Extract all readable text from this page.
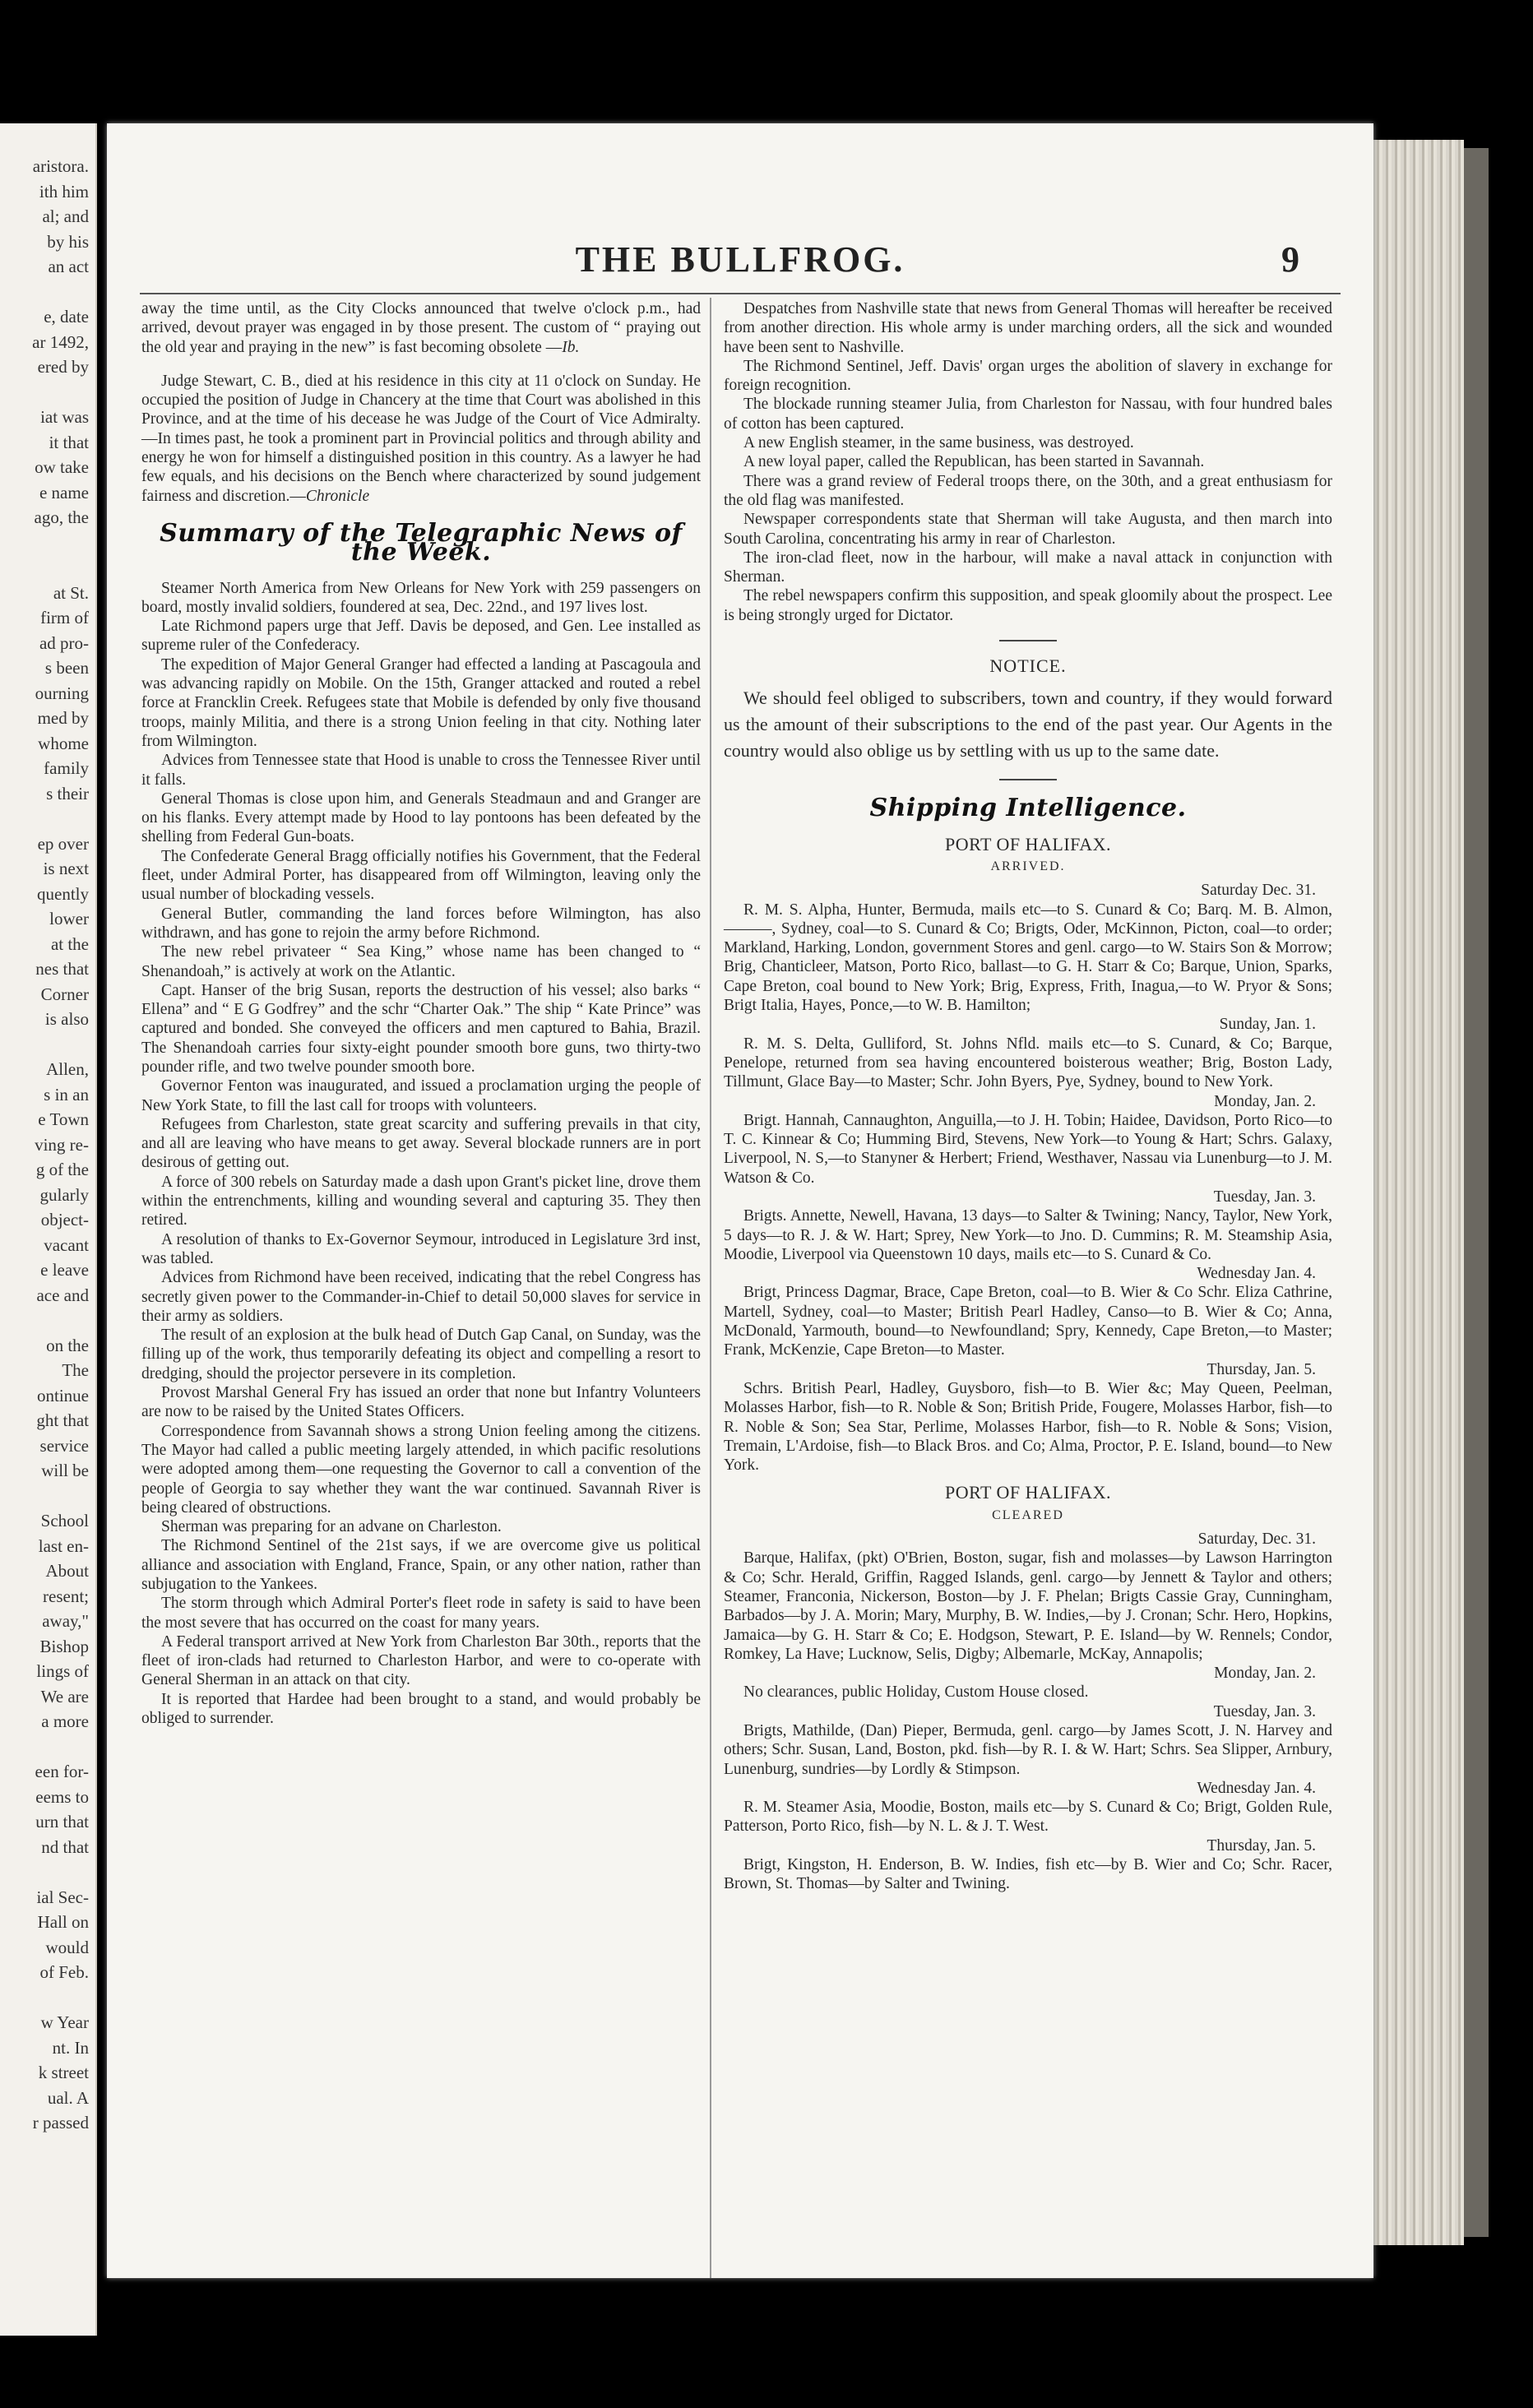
aristora.
ith him
al; and
by his
an act
e, date
ar 1492,
ered by
iat was
it that
ow take
e name
ago, the
at St.
firm of
ad pro-
s been
ourning
med by
whome
family
s their
ep over
is next
quently
lower
at the
nes that
Corner
is also
Allen,
s in an
e Town
ving re-
g of the
gularly
object-
vacant
e leave
ace and
on the
The
ontinue
ght that
service
will be
School
last en-
About
resent;
away,"
Bishop
lings of
We are
a more
een for-
eems to
urn that
nd that
ial Sec-
Hall on
would
of Feb.
w Year
nt. In
k street
ual. A
r passed
THE BULLFROG.	9

away the time until, as the City Clocks announced that twelve o'clock p.m., had arrived, devout prayer was engaged in by those present. The custom of “ praying out the old year and praying in the new” is fast becoming obsolete —Ib.

Judge Stewart, C. B., died at his residence in this city at 11 o'clock on Sunday. He occupied the position of Judge in Chancery at the time that Court was abolished in this Province, and at the time of his decease he was Judge of the Court of Vice Admiralty.—In times past, he took a prominent part in Provincial politics and through ability and energy he won for himself a distinguished position in this country. As a lawyer he had few equals, and his decisions on the Bench where characterized by sound judgement fairness and discretion.—Chronicle

Summary of the Telegraphic News of the Week.

Steamer North America from New Orleans for New York with 259 passengers on board, mostly invalid soldiers, foundered at sea, Dec. 22nd., and 197 lives lost.

Late Richmond papers urge that Jeff. Davis be deposed, and Gen. Lee installed as supreme ruler of the Confederacy.

The expedition of Major General Granger had effected a landing at Pascagoula and was advancing rapidly on Mobile. On the 15th, Granger attacked and routed a rebel force at Francklin Creek. Refugees state that Mobile is defended by only five thousand troops, mainly Militia, and there is a strong Union feeling in that city. Nothing later from Wilmington.

Advices from Tennessee state that Hood is unable to cross the Tennessee River until it falls.

General Thomas is close upon him, and Generals Steadmaun and and Granger are on his flanks. Every attempt made by Hood to lay pontoons has been defeated by the shelling from Federal Gun-boats.

The Confederate General Bragg officially notifies his Government, that the Federal fleet, under Admiral Porter, has disappeared from off Wilmington, leaving only the usual number of blockading vessels.

General Butler, commanding the land forces before Wilmington, has also withdrawn, and has gone to rejoin the army before Richmond.

The new rebel privateer “ Sea King,” whose name has been changed to “ Shenandoah,” is actively at work on the Atlantic.

Capt. Hanser of the brig Susan, reports the destruction of his vessel; also barks “ Ellena” and “ E G Godfrey” and the schr “Charter Oak.” The ship “ Kate Prince” was captured and bonded. She conveyed the officers and men captured to Bahia, Brazil. The Shenandoah carries four sixty-eight pounder smooth bore guns, two thirty-two pounder rifle, and two twelve pounder smooth bore.

Governor Fenton was inaugurated, and issued a proclamation urging the people of New York State, to fill the last call for troops with volunteers.

Refugees from Charleston, state great scarcity and suffering prevails in that city, and all are leaving who have means to get away. Several blockade runners are in port desirous of getting out.

A force of 300 rebels on Saturday made a dash upon Grant's picket line, drove them within the entrenchments, killing and wounding several and capturing 35. They then retired.

A resolution of thanks to Ex-Governor Seymour, introduced in Legislature 3rd inst, was tabled.

Advices from Richmond have been received, indicating that the rebel Congress has secretly given power to the Commander-in-Chief to detail 50,000 slaves for service in their army as soldiers.

The result of an explosion at the bulk head of Dutch Gap Canal, on Sunday, was the filling up of the work, thus temporarily defeating its object and compelling a resort to dredging, should the projector persevere in its completion.

Provost Marshal General Fry has issued an order that none but Infantry Volunteers are now to be raised by the United States Officers.

Correspondence from Savannah shows a strong Union feeling among the citizens. The Mayor had called a public meeting largely attended, in which pacific resolutions were adopted among them—one requesting the Governor to call a convention of the people of Georgia to say whether they want the war continued. Savannah River is being cleared of obstructions.

Sherman was preparing for an advane on Charleston.

The Richmond Sentinel of the 21st says, if we are overcome give us political alliance and association with England, France, Spain, or any other nation, rather than subjugation to the Yankees.

The storm through which Admiral Porter's fleet rode in safety is said to have been the most severe that has occurred on the coast for many years.

A Federal transport arrived at New York from Charleston Bar 30th., reports that the fleet of iron-clads had returned to Charleston Harbor, and were to co-operate with General Sherman in an attack on that city.

It is reported that Hardee had been brought to a stand, and would probably be obliged to surrender.

Despatches from Nashville state that news from General Thomas will hereafter be received from another direction. His whole army is under marching orders, all the sick and wounded have been sent to Nashville.

The Richmond Sentinel, Jeff. Davis' organ urges the abolition of slavery in exchange for foreign recognition.

The blockade running steamer Julia, from Charleston for Nassau, with four hundred bales of cotton has been captured.

A new English steamer, in the same business, was destroyed.

A new loyal paper, called the Republican, has been started in Savannah.

There was a grand review of Federal troops there, on the 30th, and a great enthusiasm for the old flag was manifested.

Newspaper correspondents state that Sherman will take Augusta, and then march into South Carolina, concentrating his army in rear of Charleston.

The iron-clad fleet, now in the harbour, will make a naval attack in conjunction with Sherman.

The rebel newspapers confirm this supposition, and speak gloomily about the prospect. Lee is being strongly urged for Dictator.

NOTICE.

We should feel obliged to subscribers, town and country, if they would forward us the amount of their subscriptions to the end of the past year. Our Agents in the country would also oblige us by settling with us up to the same date.

Shipping Intelligence.
PORT OF HALIFAX.
ARRIVED.
Saturday Dec. 31.

R. M. S. Alpha, Hunter, Bermuda, mails etc—to S. Cunard & Co; Barq. M. B. Almon, ———, Sydney, coal—to S. Cunard & Co; Brigts, Oder, McKinnon, Picton, coal—to order; Markland, Harking, London, government Stores and genl. cargo—to W. Stairs Son & Morrow; Brig, Chanticleer, Matson, Porto Rico, ballast—to G. H. Starr & Co; Barque, Union, Sparks, Cape Breton, coal bound to New York; Brig, Express, Frith, Inagua,—to W. Pryor & Sons; Brigt Italia, Hayes, Ponce,—to W. B. Hamilton;

Sunday, Jan. 1.

R. M. S. Delta, Gulliford, St. Johns Nfld. mails etc—to S. Cunard, & Co; Barque, Penelope, returned from sea having encountered boisterous weather; Brig, Boston Lady, Tillmunt, Glace Bay—to Master; Schr. John Byers, Pye, Sydney, bound to New York.

Monday, Jan. 2.

Brigt. Hannah, Cannaughton, Anguilla,—to J. H. Tobin; Haidee, Davidson, Porto Rico—to T. C. Kinnear & Co; Humming Bird, Stevens, New York—to Young & Hart; Schrs. Galaxy, Liverpool, N. S,—to Stanyner & Herbert; Friend, Westhaver, Nassau via Lunenburg—to J. M. Watson & Co.

Tuesday, Jan. 3.

Brigts. Annette, Newell, Havana, 13 days—to Salter & Twining; Nancy, Taylor, New York, 5 days—to R. J. & W. Hart; Sprey, New York—to Jno. D. Cummins; R. M. Steamship Asia, Moodie, Liverpool via Queenstown 10 days, mails etc—to S. Cunard & Co.

Wednesday Jan. 4.

Brigt, Princess Dagmar, Brace, Cape Breton, coal—to B. Wier & Co Schr. Eliza Cathrine, Martell, Sydney, coal—to Master; British Pearl Hadley, Canso—to B. Wier & Co; Anna, McDonald, Yarmouth, bound—to Newfoundland; Spry, Kennedy, Cape Breton,—to Master; Frank, McKenzie, Cape Breton—to Master.

Thursday, Jan. 5.

Schrs. British Pearl, Hadley, Guysboro, fish—to B. Wier &c; May Queen, Peelman, Molasses Harbor, fish—to R. Noble & Son; British Pride, Fougere, Molasses Harbor, fish—to R. Noble & Son; Sea Star, Perlime, Molasses Harbor, fish—to R. Noble & Sons; Vision, Tremain, L'Ardoise, fish—to Black Bros. and Co; Alma, Proctor, P. E. Island, bound—to New York.

PORT OF HALIFAX.
CLEARED
Saturday, Dec. 31.

Barque, Halifax, (pkt) O'Brien, Boston, sugar, fish and molasses—by Lawson Harrington & Co; Schr. Herald, Griffin, Ragged Islands, genl. cargo—by Jennett & Taylor and others; Steamer, Franconia, Nickerson, Boston—by J. F. Phelan; Brigts Cassie Gray, Cunningham, Barbados—by J. A. Morin; Mary, Murphy, B. W. Indies,—by J. Cronan; Schr. Hero, Hopkins, Jamaica—by G. H. Starr & Co; E. Hodgson, Stewart, P. E. Island—by W. Rennels; Condor, Romkey, La Have; Lucknow, Selis, Digby; Albemarle, McKay, Annapolis;

Monday, Jan. 2.

No clearances, public Holiday, Custom House closed.

Tuesday, Jan. 3.

Brigts, Mathilde, (Dan) Pieper, Bermuda, genl. cargo—by James Scott, J. N. Harvey and others; Schr. Susan, Land, Boston, pkd. fish—by R. I. & W. Hart; Schrs. Sea Slipper, Arnbury, Lunenburg, sundries—by Lordly & Stimpson.

Wednesday Jan. 4.

R. M. Steamer Asia, Moodie, Boston, mails etc—by S. Cunard & Co; Brigt, Golden Rule, Patterson, Porto Rico, fish—by N. L. & J. T. West.

Thursday, Jan. 5.

Brigt, Kingston, H. Enderson, B. W. Indies, fish etc—by B. Wier and Co; Schr. Racer, Brown, St. Thomas—by Salter and Twining.
